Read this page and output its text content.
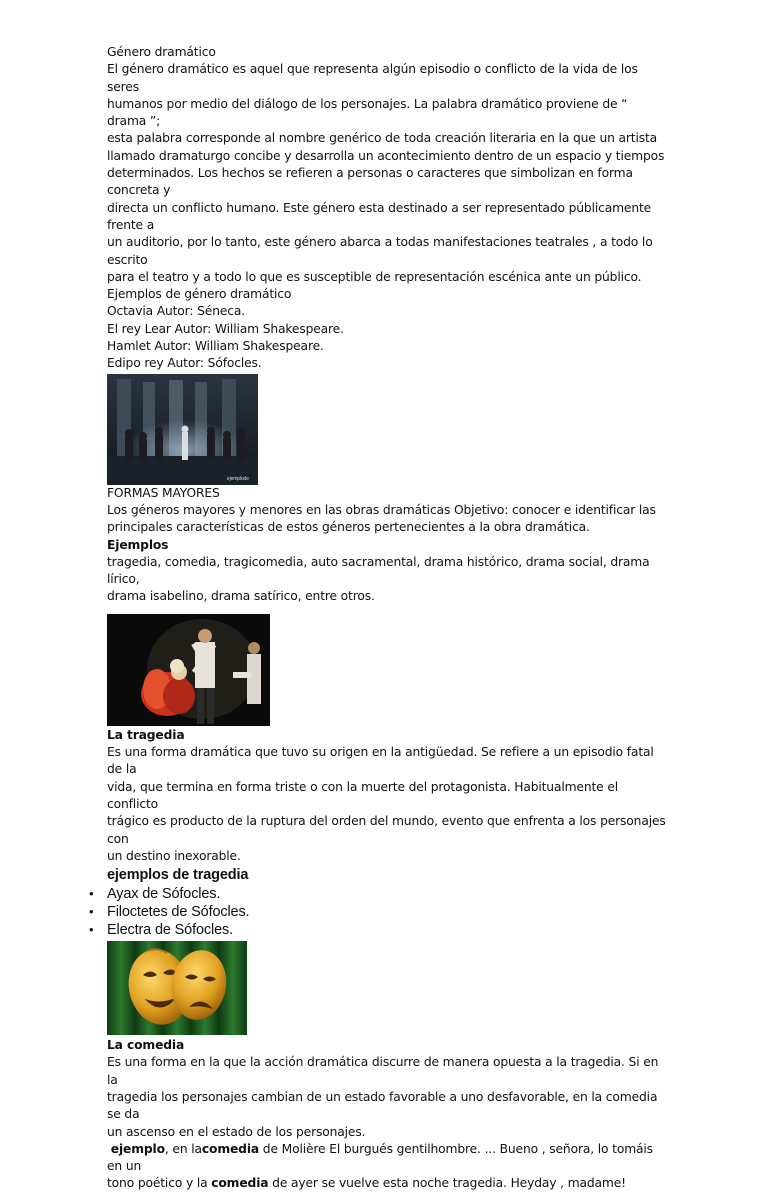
Género dramático

El género dramático es aquel que representa algún episodio o conflicto de la vida de los seres

humanos por medio del diálogo de los personajes. La palabra dramático proviene de “ drama ”;

esta palabra corresponde al nombre genérico de toda creación literaria en la que un artista

llamado dramaturgo concibe y desarrolla un acontecimiento dentro de un espacio y tiempos

determinados. Los hechos se refieren a personas o caracteres que simbolizan en forma concreta y

directa un conflicto humano. Este género esta destinado a ser representado públicamente frente a

un auditorio, por lo tanto, este género abarca a todas manifestaciones teatrales , a todo lo escrito

para el teatro y a todo lo que es susceptible de representación escénica ante un público.

Ejemplos de género dramático

Octavia Autor: Séneca.

El rey Lear Autor: William Shakespeare.

Hamlet Autor: William Shakespeare.

Edipo rey Autor: Sófocles.

ejemplode

FORMAS MAYORES

Los géneros mayores y menores en las obras dramáticas Objetivo: conocer e identificar las

principales características de estos géneros pertenecientes a la obra dramática.

Ejemplos

tragedia, comedia, tragicomedia, auto sacramental, drama histórico, drama social, drama lírico,

drama isabelino, drama satírico, entre otros.

La tragedia

Es una forma dramática que tuvo su origen en la antigüedad. Se refiere a un episodio fatal de la

vida, que termina en forma triste o con la muerte del protagonista. Habitualmente el conflicto

trágico es producto de la ruptura del orden del mundo, evento que enfrenta a los personajes con

un destino inexorable.

ejemplos de tragedia

• Ayax de Sófocles.
• Filoctetes de Sófocles.
• Electra de Sófocles.

La comedia

Es una forma en la que la acción dramática discurre de manera opuesta a la tragedia. Si en la

tragedia los personajes cambian de un estado favorable a uno desfavorable, en la comedia se da

un ascenso en el estado de los personajes.

ejemplo, en lacomedia de Molière El burgués gentilhombre. ... Bueno , señora, lo tomáis en un

tono poético y la comedia de ayer se vuelve esta noche tragedia. Heyday , madame!
